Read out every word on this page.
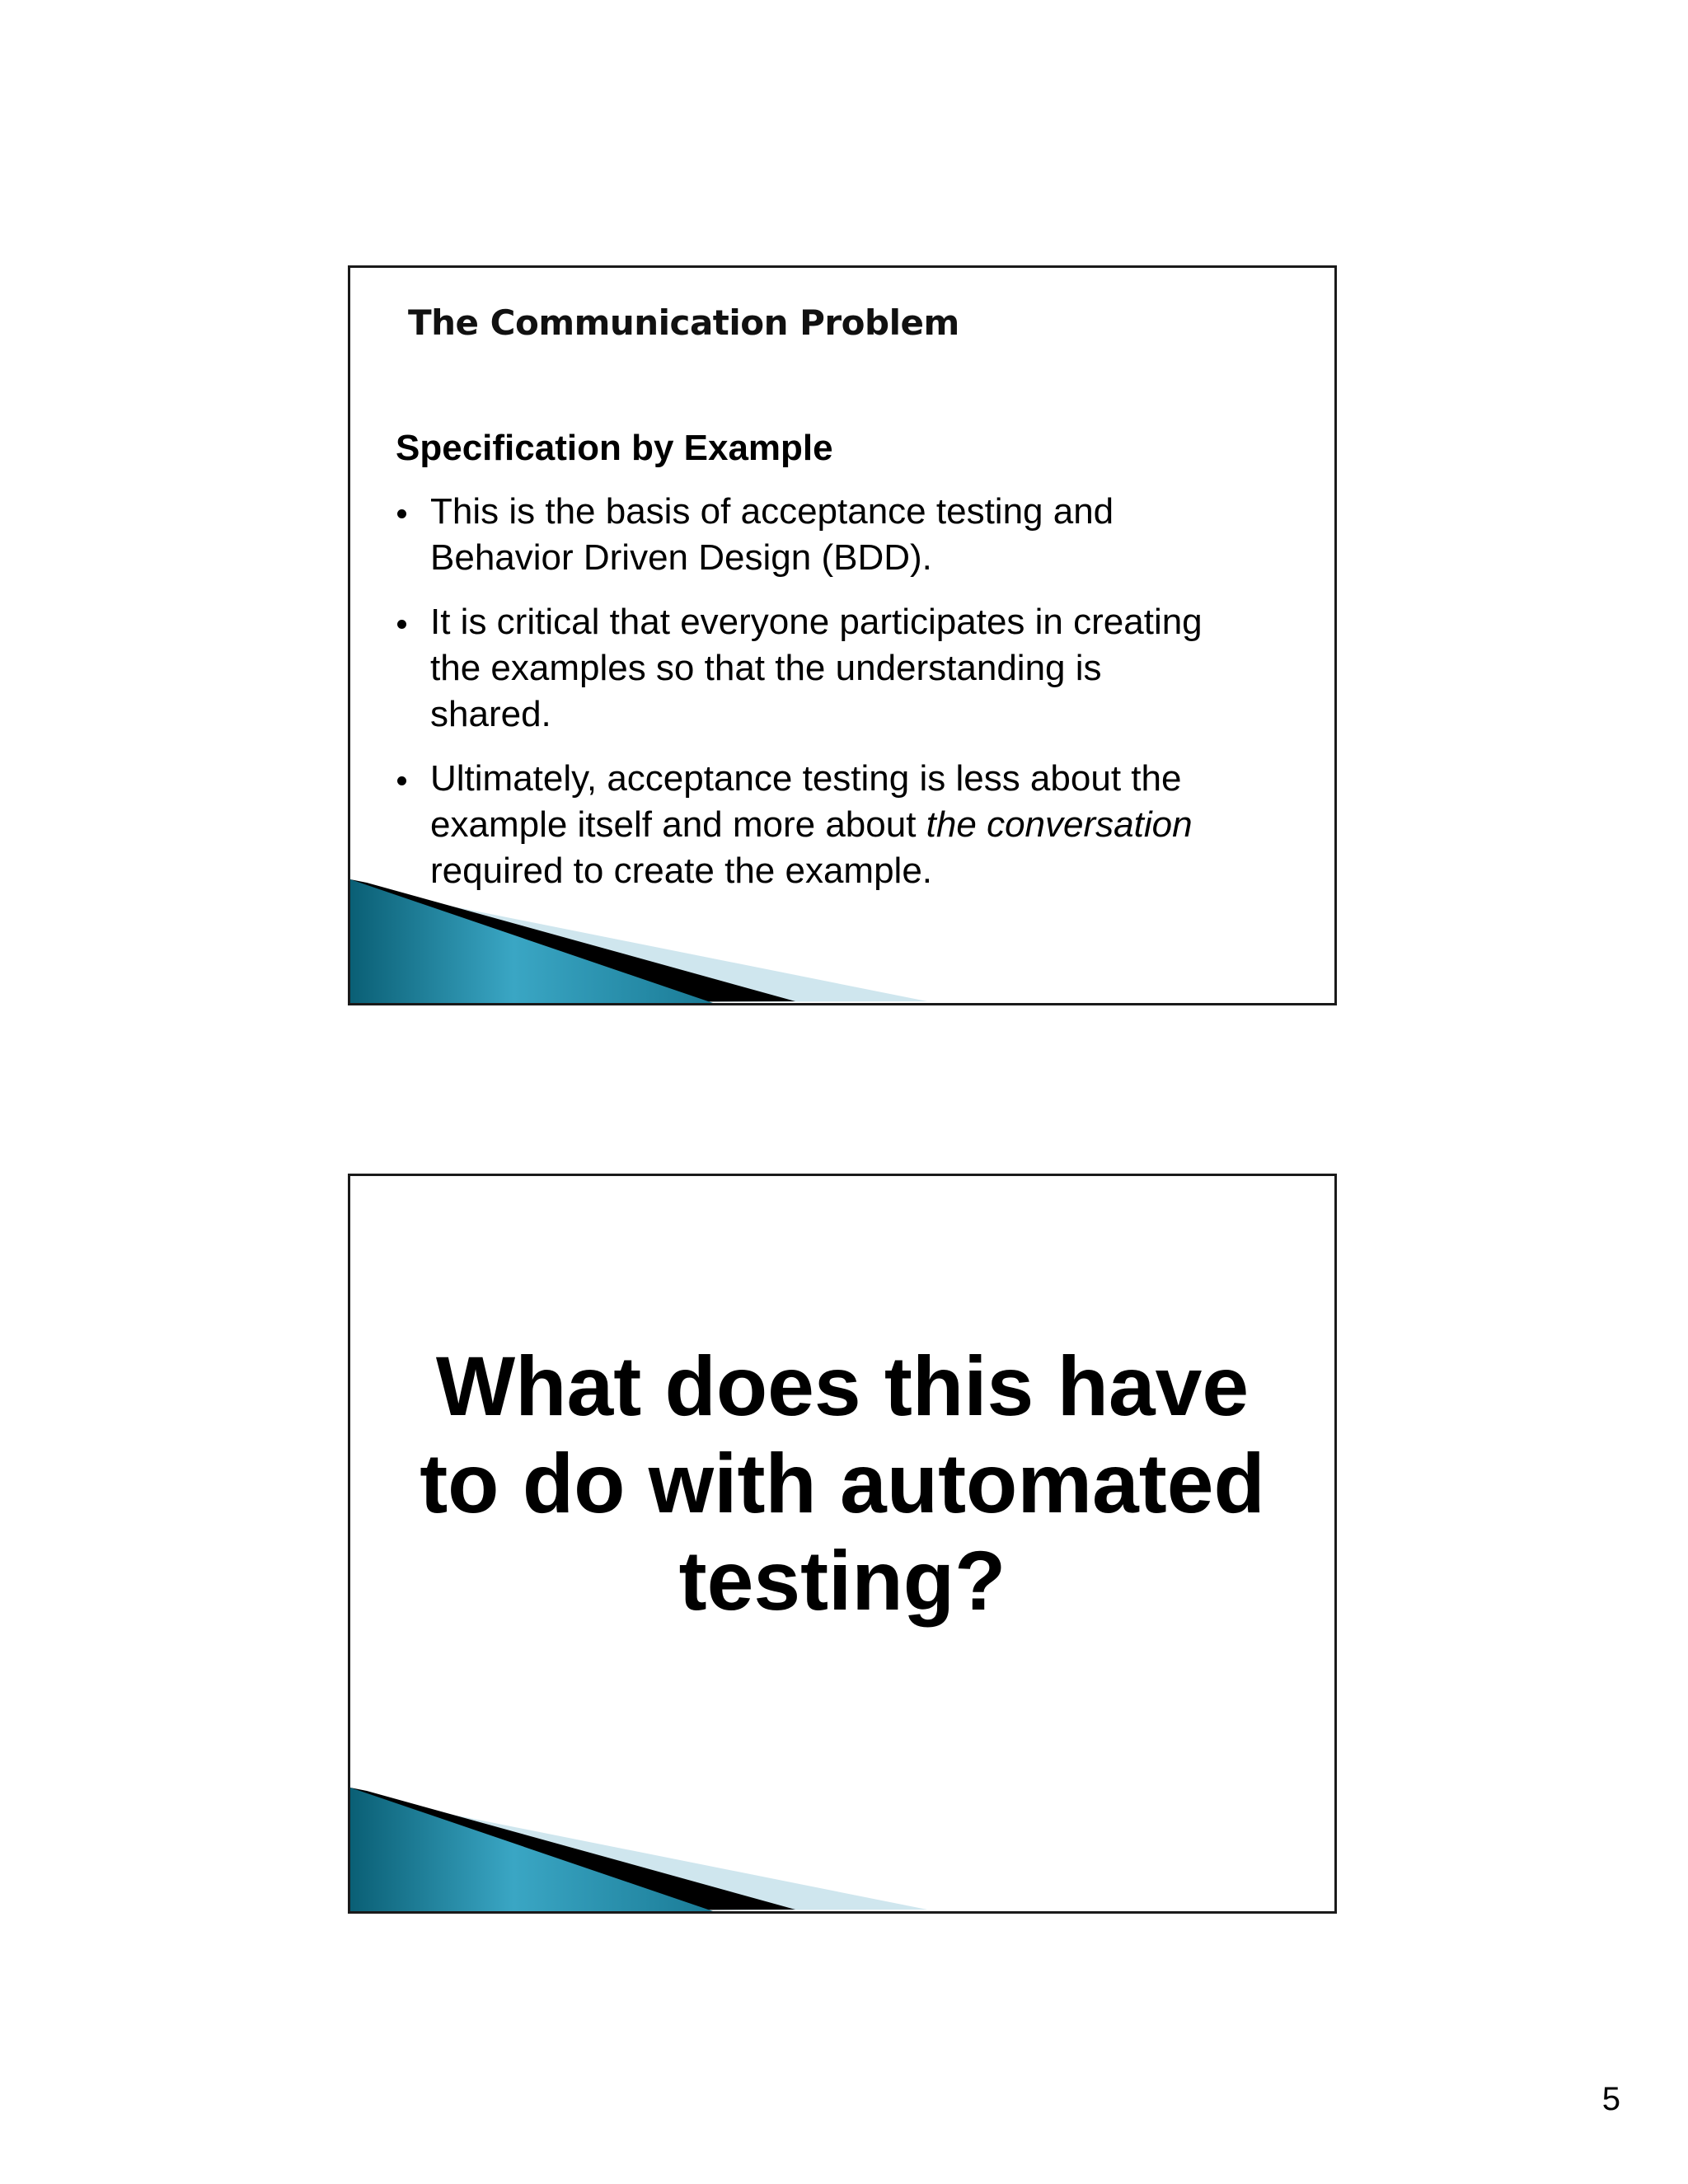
The Communication Problem
Specification by Example
This is the basis of acceptance testing and
Behavior Driven Design (BDD).
It is critical that everyone participates in creating
the examples so that the understanding is
shared.
Ultimately, acceptance testing is less about the
example itself and more about the conversation
required to create the example.
What does this have
to do with automated
testing?

5
